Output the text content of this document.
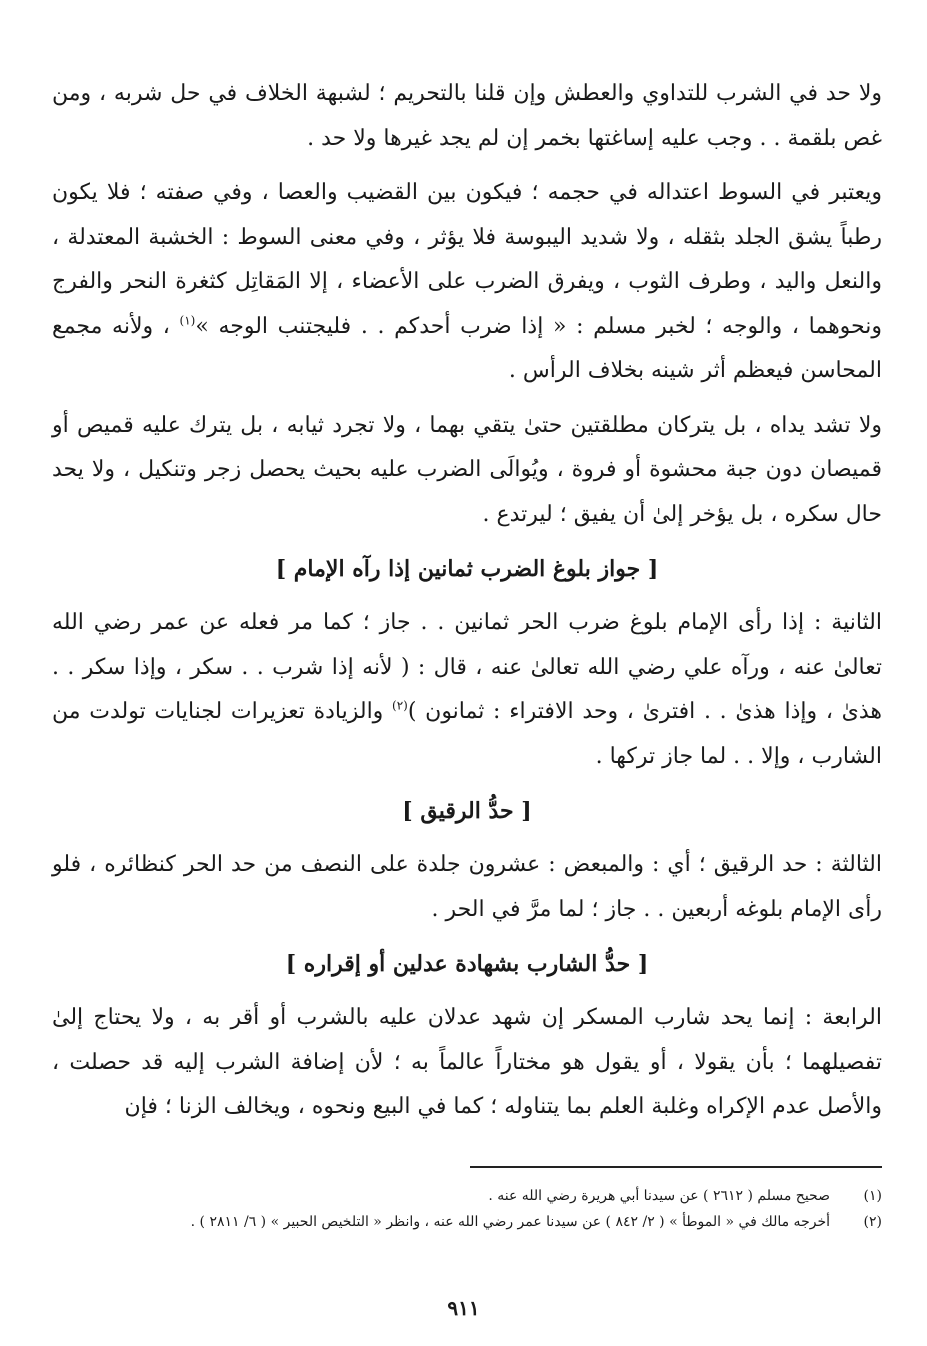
ولا حد في الشرب للتداوي والعطش وإن قلنا بالتحريم ؛ لشبهة الخلاف في حل شربه ، ومن غص بلقمة . . وجب عليه إساغتها بخمر إن لم يجد غيرها ولا حد .

ويعتبر في السوط اعتداله في حجمه ؛ فيكون بين القضيب والعصا ، وفي صفته ؛ فلا يكون رطباً يشق الجلد بثقله ، ولا شديد اليبوسة فلا يؤثر ، وفي معنى السوط : الخشبة المعتدلة ، والنعل واليد ، وطرف الثوب ، ويفرق الضرب على الأعضاء ، إلا المَقاتِل كثغرة النحر والفرج ونحوهما ، والوجه ؛ لخبر مسلم : « إذا ضرب أحدكم . . فليجتنب الوجه »$^{(١)}$ ، ولأنه مجمع المحاسن فيعظم أثر شينه بخلاف الرأس .

ولا تشد يداه ، بل يتركان مطلقتين حتىٰ يتقي بهما ، ولا تجرد ثيابه ، بل يترك عليه قميص أو قميصان دون جبة محشوة أو فروة ، ويُوالَى الضرب عليه بحيث يحصل زجر وتنكيل ، ولا يحد حال سكره ، بل يؤخر إلىٰ أن يفيق ؛ ليرتدع .

[ جواز بلوغ الضرب ثمانين إذا رآه الإمام ]

الثانية : إذا رأى الإمام بلوغ ضرب الحر ثمانين . . جاز ؛ كما مر فعله عن عمر رضي الله تعالىٰ عنه ، ورآه علي رضي الله تعالىٰ عنه ، قال : ( لأنه إذا شرب . . سكر ، وإذا سكر . . هذىٰ ، وإذا هذىٰ . . افترىٰ ، وحد الافتراء : ثمانون )$^{(٢)}$ والزيادة تعزيرات لجنايات تولدت من الشارب ، وإلا . . لما جاز تركها .

[ حدُّ الرقيق ]

الثالثة : حد الرقيق ؛ أي : والمبعض : عشرون جلدة على النصف من حد الحر كنظائره ، فلو رأى الإمام بلوغه أربعين . . جاز ؛ لما مرَّ في الحر .

[ حدُّ الشارب بشهادة عدلين أو إقراره ]

الرابعة : إنما يحد شارب المسكر إن شهد عدلان عليه بالشرب أو أقر به ، ولا يحتاج إلىٰ تفصيلهما ؛ بأن يقولا ، أو يقول هو مختاراً عالماً به ؛ لأن إضافة الشرب إليه قد حصلت ، والأصل عدم الإكراه وغلبة العلم بما يتناوله ؛ كما في البيع ونحوه ، ويخالف الزنا ؛ فإن

(١)
صحيح مسلم ( ٢٦١٢ ) عن سيدنا أبي هريرة رضي الله عنه .
(٢)
أخرجه مالك في « الموطأ » ( ٢/ ٨٤٢ ) عن سيدنا عمر رضي الله عنه ، وانظر « التلخيص الحبير » ( ٦/ ٢٨١١ ) .
٩١١
